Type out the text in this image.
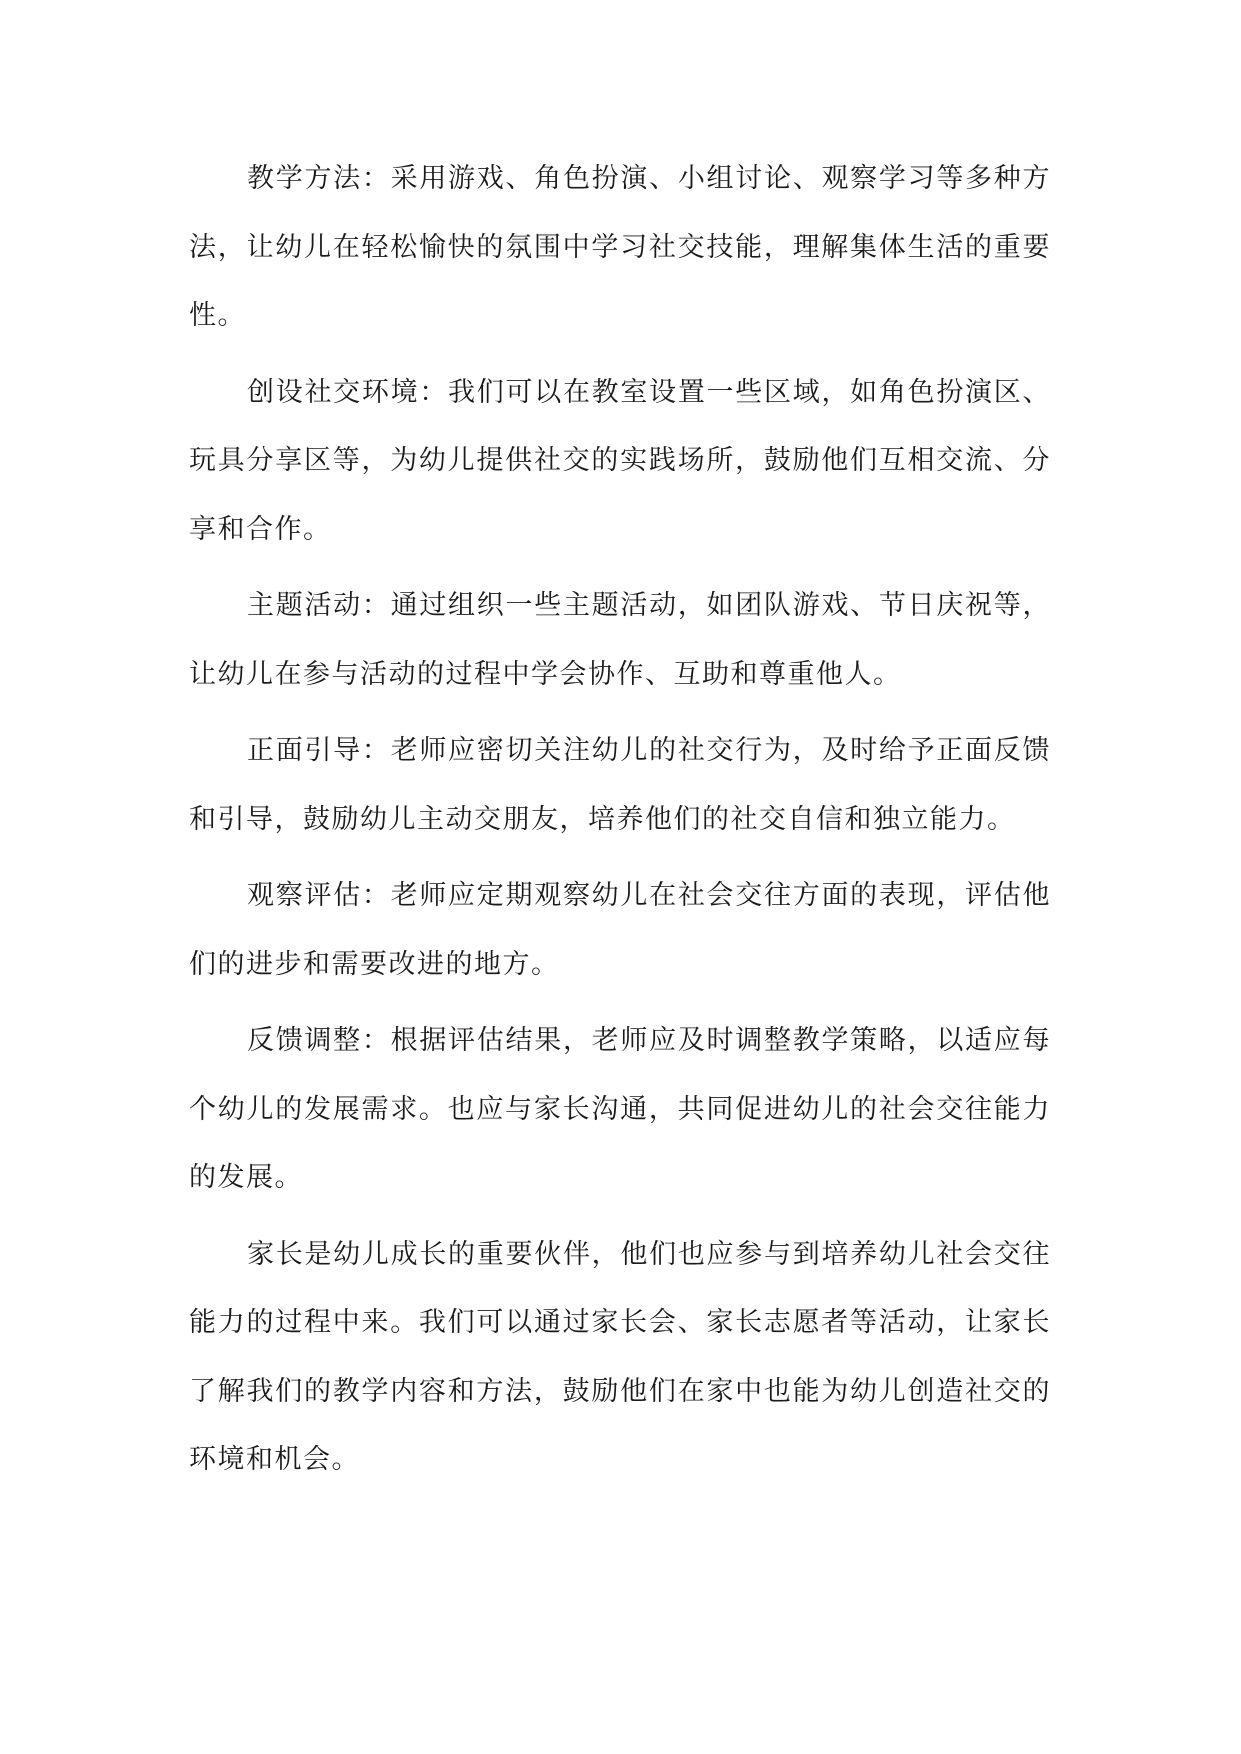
教学方法：采用游戏、角色扮演、小组讨论、观察学习等多种方法，让幼儿在轻松愉快的氛围中学习社交技能，理解集体生活的重要性。

创设社交环境：我们可以在教室设置一些区域，如角色扮演区、玩具分享区等，为幼儿提供社交的实践场所，鼓励他们互相交流、分享和合作。

主题活动：通过组织一些主题活动，如团队游戏、节日庆祝等，让幼儿在参与活动的过程中学会协作、互助和尊重他人。

正面引导：老师应密切关注幼儿的社交行为，及时给予正面反馈和引导，鼓励幼儿主动交朋友，培养他们的社交自信和独立能力。

观察评估：老师应定期观察幼儿在社会交往方面的表现，评估他们的进步和需要改进的地方。

反馈调整：根据评估结果，老师应及时调整教学策略，以适应每个幼儿的发展需求。也应与家长沟通，共同促进幼儿的社会交往能力的发展。

家长是幼儿成长的重要伙伴，他们也应参与到培养幼儿社会交往能力的过程中来。我们可以通过家长会、家长志愿者等活动，让家长了解我们的教学内容和方法，鼓励他们在家中也能为幼儿创造社交的环境和机会。
